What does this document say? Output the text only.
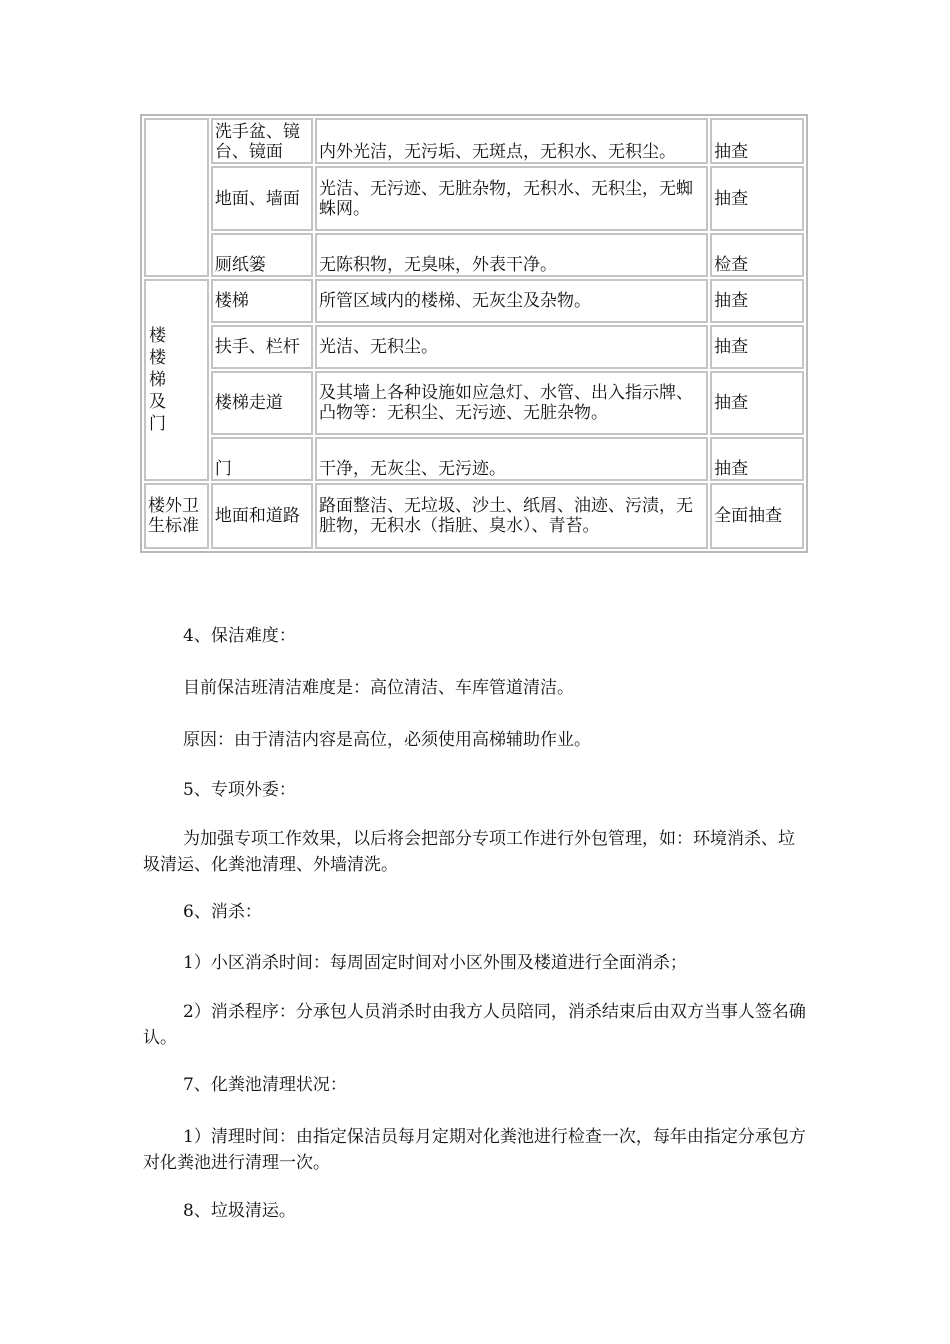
	洗手盆、镜台、镜面	内外光洁，无污垢、无斑点，无积水、无积尘。	抽查
	地面、墙面	光洁、无污迹、无脏杂物，无积水、无积尘，无蜘蛛网。	抽查
	厕纸篓	无陈积物，无臭味，外表干净。	检查

楼楼梯及门	楼梯	所管区域内的楼梯、无灰尘及杂物。	抽查
	扶手、栏杆	光洁、无积尘。	抽查
	楼梯走道	及其墙上各种设施如应急灯、水管、出入指示牌、凸物等：无积尘、无污迹、无脏杂物。	抽查
	门	干净，无灰尘、无污迹。	抽查
楼外卫生标准	地面和道路	路面整洁、无垃圾、沙土、纸屑、油迹、污渍，无脏物，无积水（指脏、臭水）、青苔。	全面抽查

4、保洁难度：

目前保洁班清洁难度是：高位清洁、车库管道清洁。

原因：由于清洁内容是高位，必须使用高梯辅助作业。

5、专项外委：

为加强专项工作效果，以后将会把部分专项工作进行外包管理，如：环境消杀、垃圾清运、化粪池清理、外墙清洗。

6、消杀：

1）小区消杀时间：每周固定时间对小区外围及楼道进行全面消杀；

2）消杀程序：分承包人员消杀时由我方人员陪同，消杀结束后由双方当事人签名确认。

7、化粪池清理状况：

1）清理时间：由指定保洁员每月定期对化粪池进行检查一次，每年由指定分承包方对化粪池进行清理一次。

8、垃圾清运。
